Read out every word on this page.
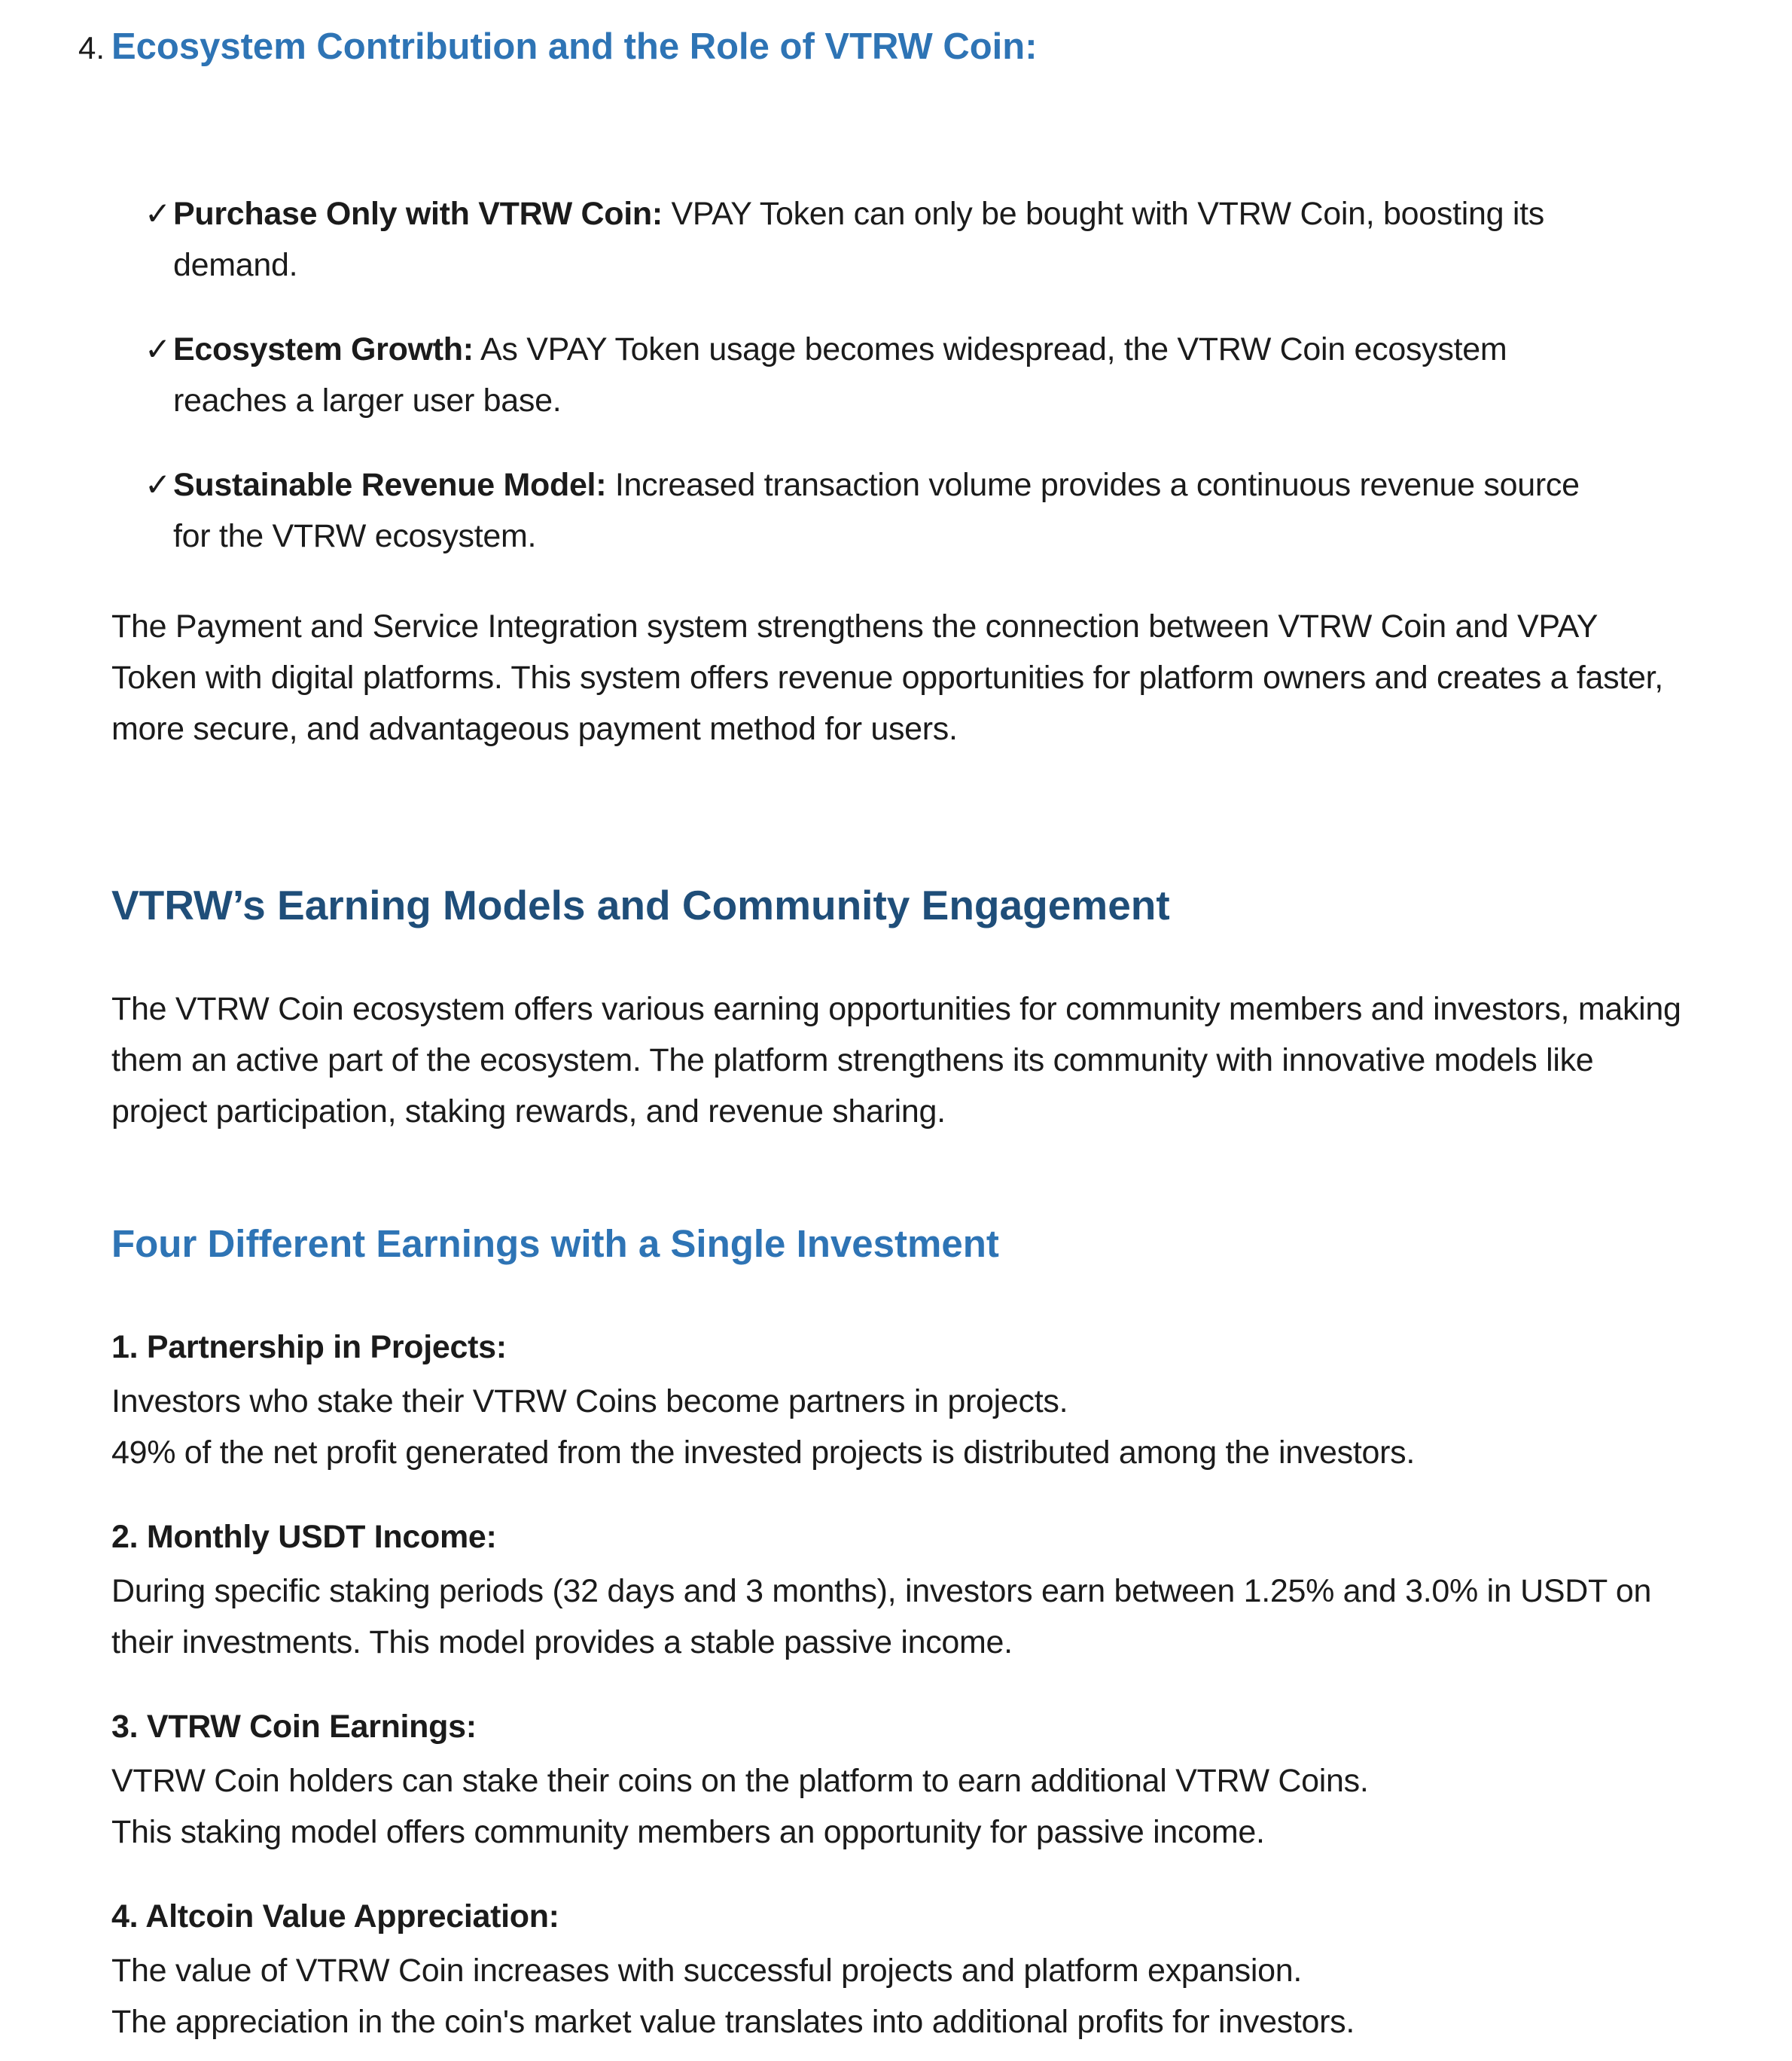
4. Ecosystem Contribution and the Role of VTRW Coin:
✓ Purchase Only with VTRW Coin: VPAY Token can only be bought with VTRW Coin, boosting its demand.
✓ Ecosystem Growth: As VPAY Token usage becomes widespread, the VTRW Coin ecosystem reaches a larger user base.
✓ Sustainable Revenue Model: Increased transaction volume provides a continuous revenue source for the VTRW ecosystem.

The Payment and Service Integration system strengthens the connection between VTRW Coin and VPAY Token with digital platforms. This system offers revenue opportunities for platform owners and creates a faster, more secure, and advantageous payment method for users.

VTRW’s Earning Models and Community Engagement

The VTRW Coin ecosystem offers various earning opportunities for community members and investors, making them an active part of the ecosystem. The platform strengthens its community with innovative models like project participation, staking rewards, and revenue sharing.

Four Different Earnings with a Single Investment
1. Partnership in Projects:
Investors who stake their VTRW Coins become partners in projects.
49% of the net profit generated from the invested projects is distributed among the investors.
2. Monthly USDT Income:
During specific staking periods (32 days and 3 months), investors earn between 1.25% and 3.0% in USDT on their investments. This model provides a stable passive income.
3. VTRW Coin Earnings:
VTRW Coin holders can stake their coins on the platform to earn additional VTRW Coins.
This staking model offers community members an opportunity for passive income.
4. Altcoin Value Appreciation:
The value of VTRW Coin increases with successful projects and platform expansion.
The appreciation in the coin's market value translates into additional profits for investors.
